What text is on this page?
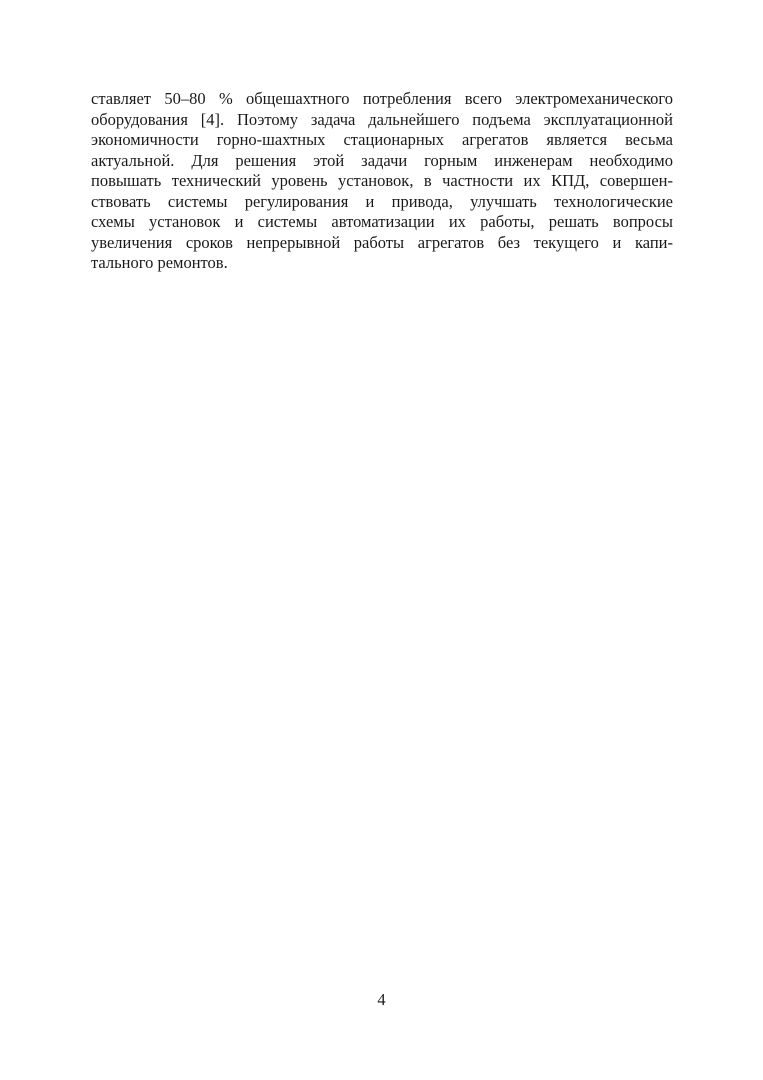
ставляет 50–80 % общешахтного потребления всего электромеханического
оборудования [4]. Поэтому задача дальнейшего подъема эксплуатационной
экономичности горно-шахтных стационарных агрегатов является весьма
актуальной. Для решения этой задачи горным инженерам необходимо
повышать технический уровень установок, в частности их КПД, совершен-
ствовать системы регулирования и привода, улучшать технологические
схемы установок и системы автоматизации их работы, решать вопросы
увеличения сроков непрерывной работы агрегатов без текущего и капи-
тального ремонтов.
4
